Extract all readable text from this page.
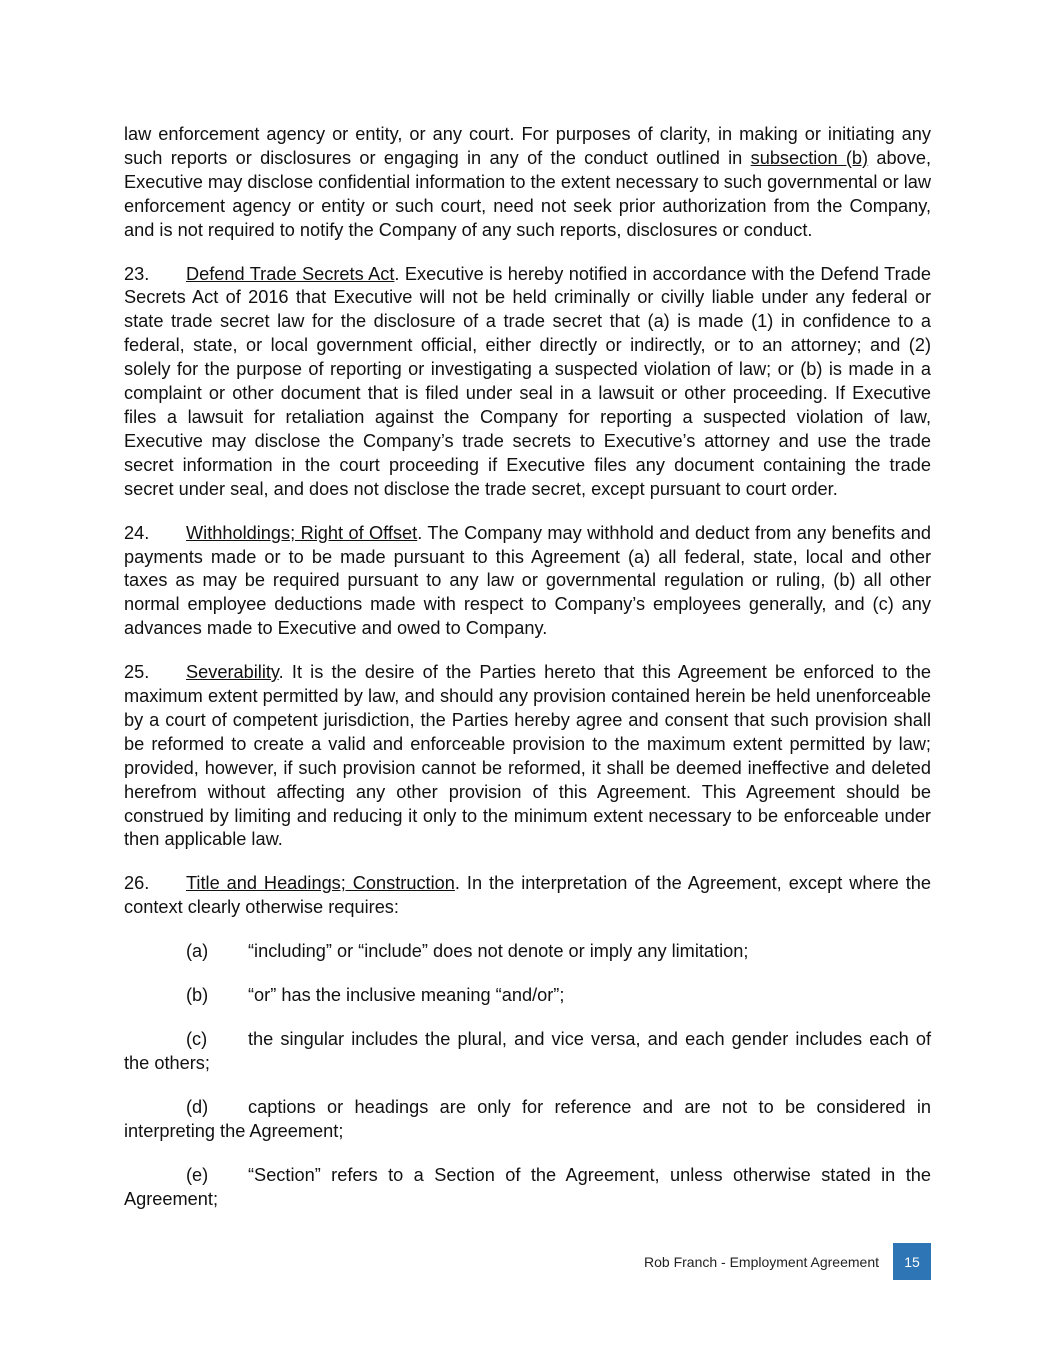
law enforcement agency or entity, or any court. For purposes of clarity, in making or initiating any such reports or disclosures or engaging in any of the conduct outlined in subsection (b) above, Executive may disclose confidential information to the extent necessary to such governmental or law enforcement agency or entity or such court, need not seek prior authorization from the Company, and is not required to notify the Company of any such reports, disclosures or conduct.

23. Defend Trade Secrets Act. Executive is hereby notified in accordance with the Defend Trade Secrets Act of 2016 that Executive will not be held criminally or civilly liable under any federal or state trade secret law for the disclosure of a trade secret that (a) is made (1) in confidence to a federal, state, or local government official, either directly or indirectly, or to an attorney; and (2) solely for the purpose of reporting or investigating a suspected violation of law; or (b) is made in a complaint or other document that is filed under seal in a lawsuit or other proceeding. If Executive files a lawsuit for retaliation against the Company for reporting a suspected violation of law, Executive may disclose the Company’s trade secrets to Executive’s attorney and use the trade secret information in the court proceeding if Executive files any document containing the trade secret under seal, and does not disclose the trade secret, except pursuant to court order.

24. Withholdings; Right of Offset. The Company may withhold and deduct from any benefits and payments made or to be made pursuant to this Agreement (a) all federal, state, local and other taxes as may be required pursuant to any law or governmental regulation or ruling, (b) all other normal employee deductions made with respect to Company’s employees generally, and (c) any advances made to Executive and owed to Company.

25. Severability. It is the desire of the Parties hereto that this Agreement be enforced to the maximum extent permitted by law, and should any provision contained herein be held unenforceable by a court of competent jurisdiction, the Parties hereby agree and consent that such provision shall be reformed to create a valid and enforceable provision to the maximum extent permitted by law; provided, however, if such provision cannot be reformed, it shall be deemed ineffective and deleted herefrom without affecting any other provision of this Agreement. This Agreement should be construed by limiting and reducing it only to the minimum extent necessary to be enforceable under then applicable law.

26. Title and Headings; Construction. In the interpretation of the Agreement, except where the context clearly otherwise requires:

(a) “including” or “include” does not denote or imply any limitation;

(b) “or” has the inclusive meaning “and/or”;

(c) the singular includes the plural, and vice versa, and each gender includes each of the others;

(d) captions or headings are only for reference and are not to be considered in interpreting the Agreement;

(e) “Section” refers to a Section of the Agreement, unless otherwise stated in the Agreement;

Rob Franch - Employment Agreement	15
